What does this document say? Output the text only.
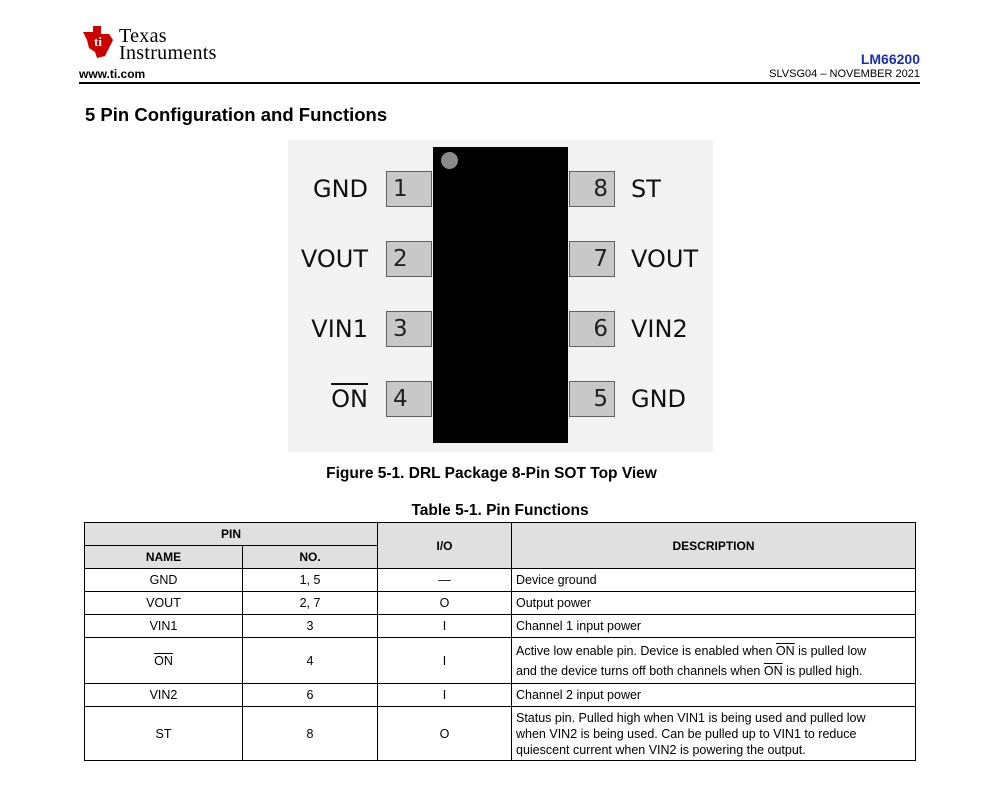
ti Texas
Instruments
www.ti.com
LM66200
SLVSG04 – NOVEMBER 2021
5 Pin Configuration and Functions
1
2
3
4
8
7
6
5
GND
VOUT
VIN1
$\overline{ON}$
ST
VOUT
VIN2
GND
Figure 5-1. DRL Package 8-Pin SOT Top View
Table 5-1. Pin Functions
PIN		I/O	DESCRIPTION
NAME	NO.		
GND	1, 5	—	Device ground
VOUT	2, 7	O	Output power
VIN1	3	I	Channel 1 input power
$\overline{ON}$	4	I	Active low enable pin. Device is enabled when $\overline{ON}$ is pulled low
and the device turns off both channels when $\overline{ON}$ is pulled high.
VIN2	6	I	Channel 2 input power
ST	8	O	Status pin. Pulled high when VIN1 is being used and pulled low
when VIN2 is being used. Can be pulled up to VIN1 to reduce
quiescent current when VIN2 is powering the output.
